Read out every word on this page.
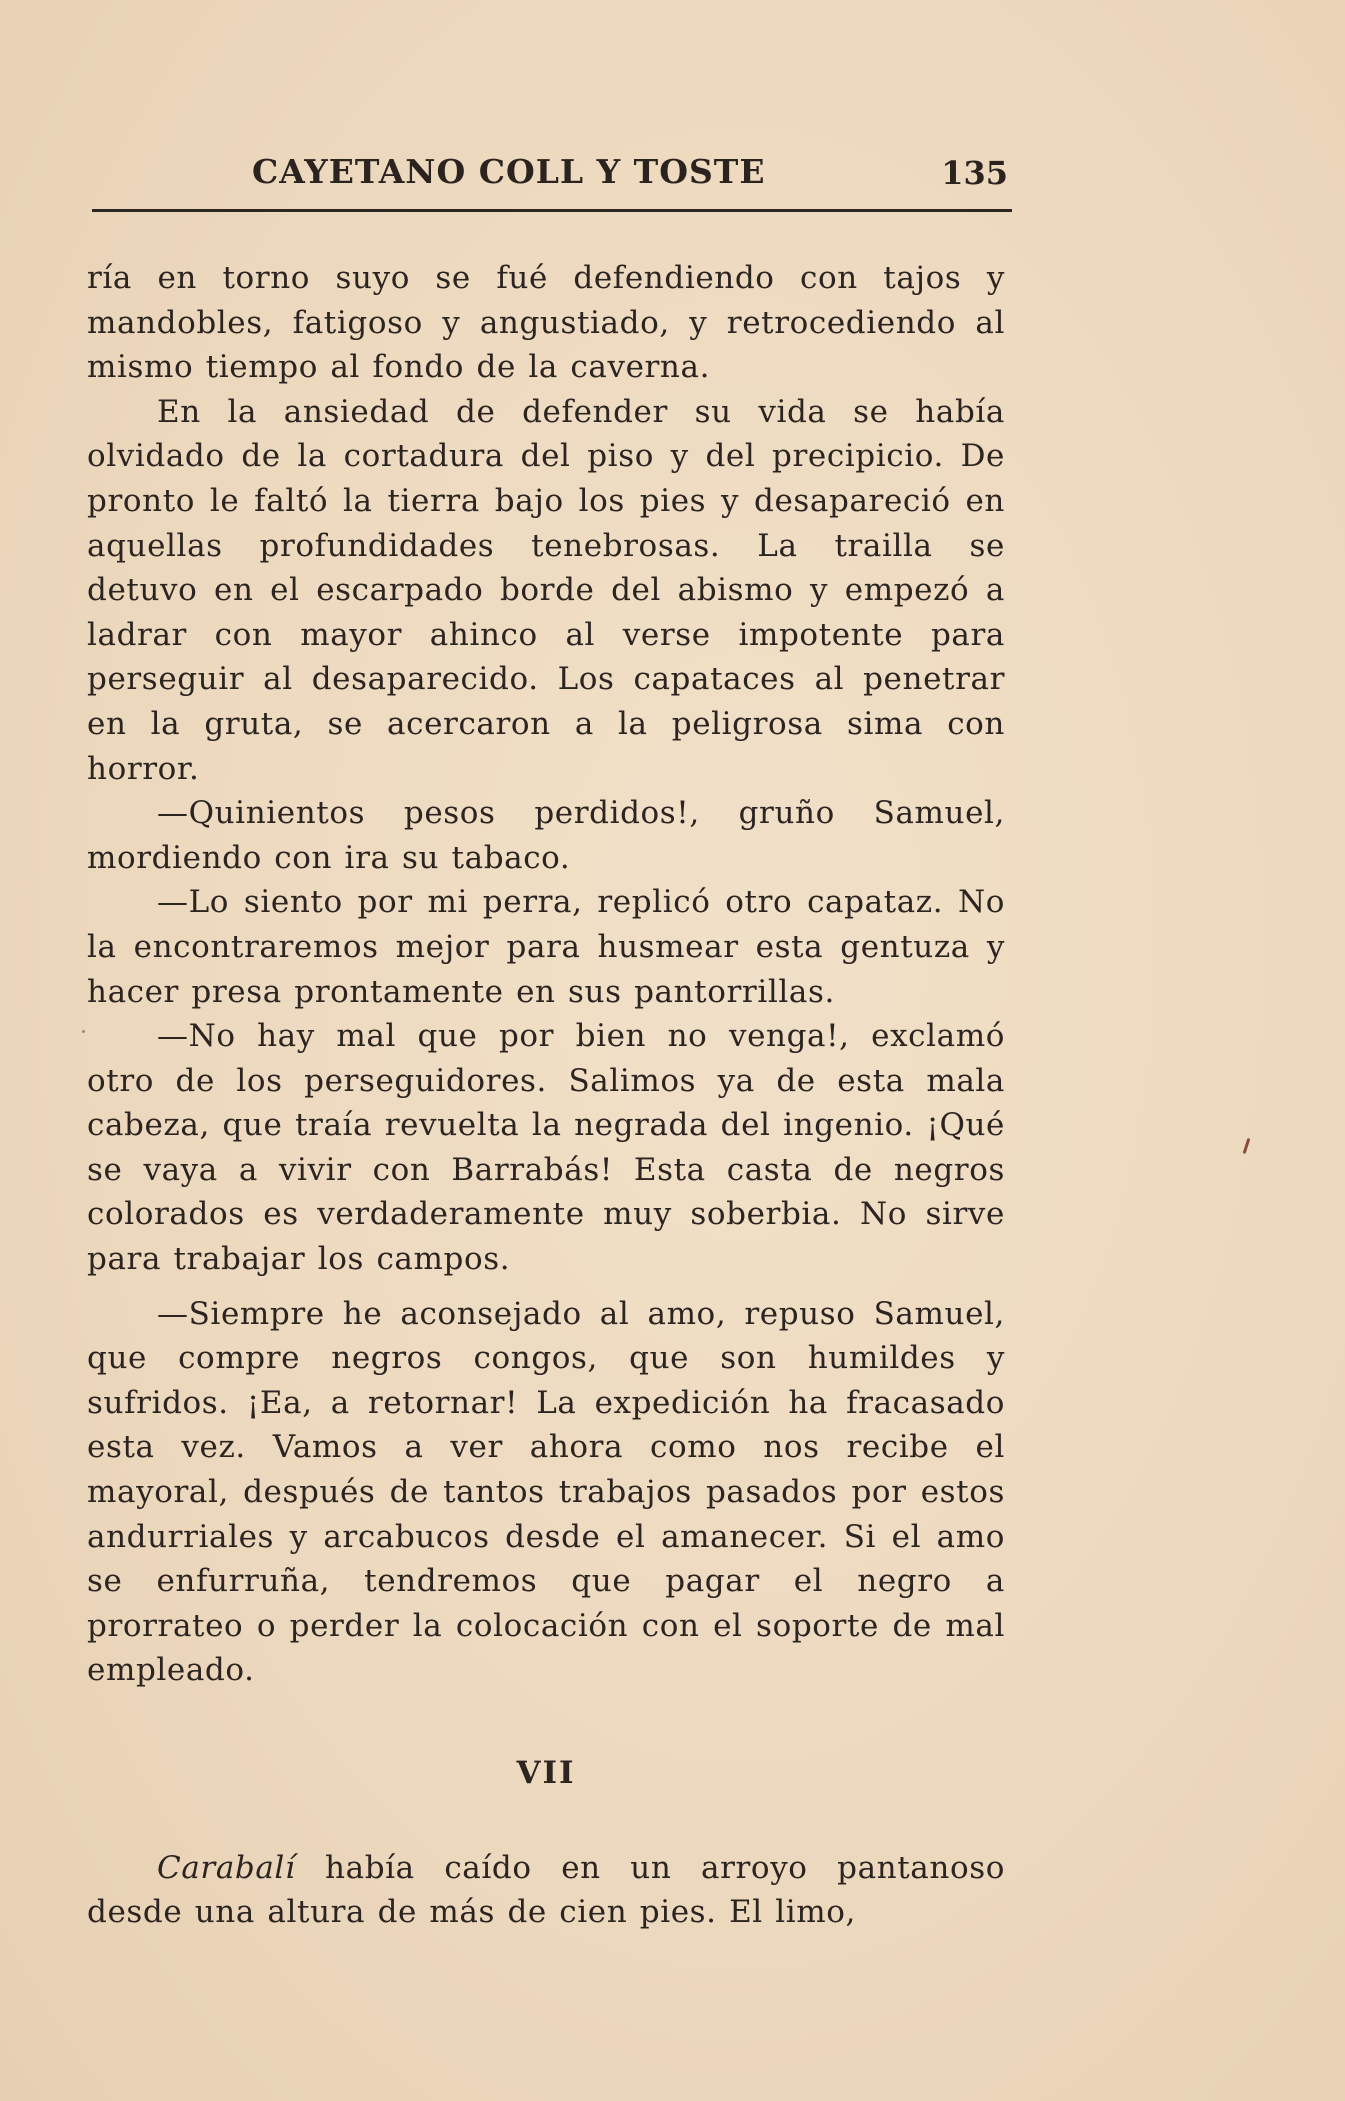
CAYETANO COLL Y TOSTE	135

ría en torno suyo se fué defendiendo con tajos y mandobles, fatigoso y angustiado, y retrocediendo al mismo tiempo al fondo de la caverna.

En la ansiedad de defender su vida se había olvidado de la cortadura del piso y del precipicio. De pronto le faltó la tierra bajo los pies y desapareció en aquellas profundidades tenebrosas. La trailla se detuvo en el escarpado borde del abismo y empezó a ladrar con mayor ahinco al verse impotente para perseguir al desaparecido. Los capataces al penetrar en la gruta, se acercaron a la peligrosa sima con horror.

—Quinientos pesos perdidos!, gruño Samuel, mordiendo con ira su tabaco.

—Lo siento por mi perra, replicó otro capataz. No la encontraremos mejor para husmear esta gentuza y hacer presa prontamente en sus pantorrillas.

—No hay mal que por bien no venga!, exclamó otro de los perseguidores. Salimos ya de esta mala cabeza, que traía revuelta la negrada del ingenio. ¡Qué se vaya a vivir con Barrabás! Esta casta de negros colorados es verdaderamente muy soberbia. No sirve para trabajar los campos.

—Siempre he aconsejado al amo, repuso Samuel, que compre negros congos, que son humildes y sufridos. ¡Ea, a retornar! La expedición ha fracasado esta vez. Vamos a ver ahora como nos recibe el mayoral, después de tantos trabajos pasados por estos andurriales y arcabucos desde el amanecer. Si el amo se enfurruña, tendremos que pagar el negro a prorrateo o perder la colocación con el soporte de mal empleado.

VII

Carabalí había caído en un arroyo pantanoso desde una altura de más de cien pies. El limo,
